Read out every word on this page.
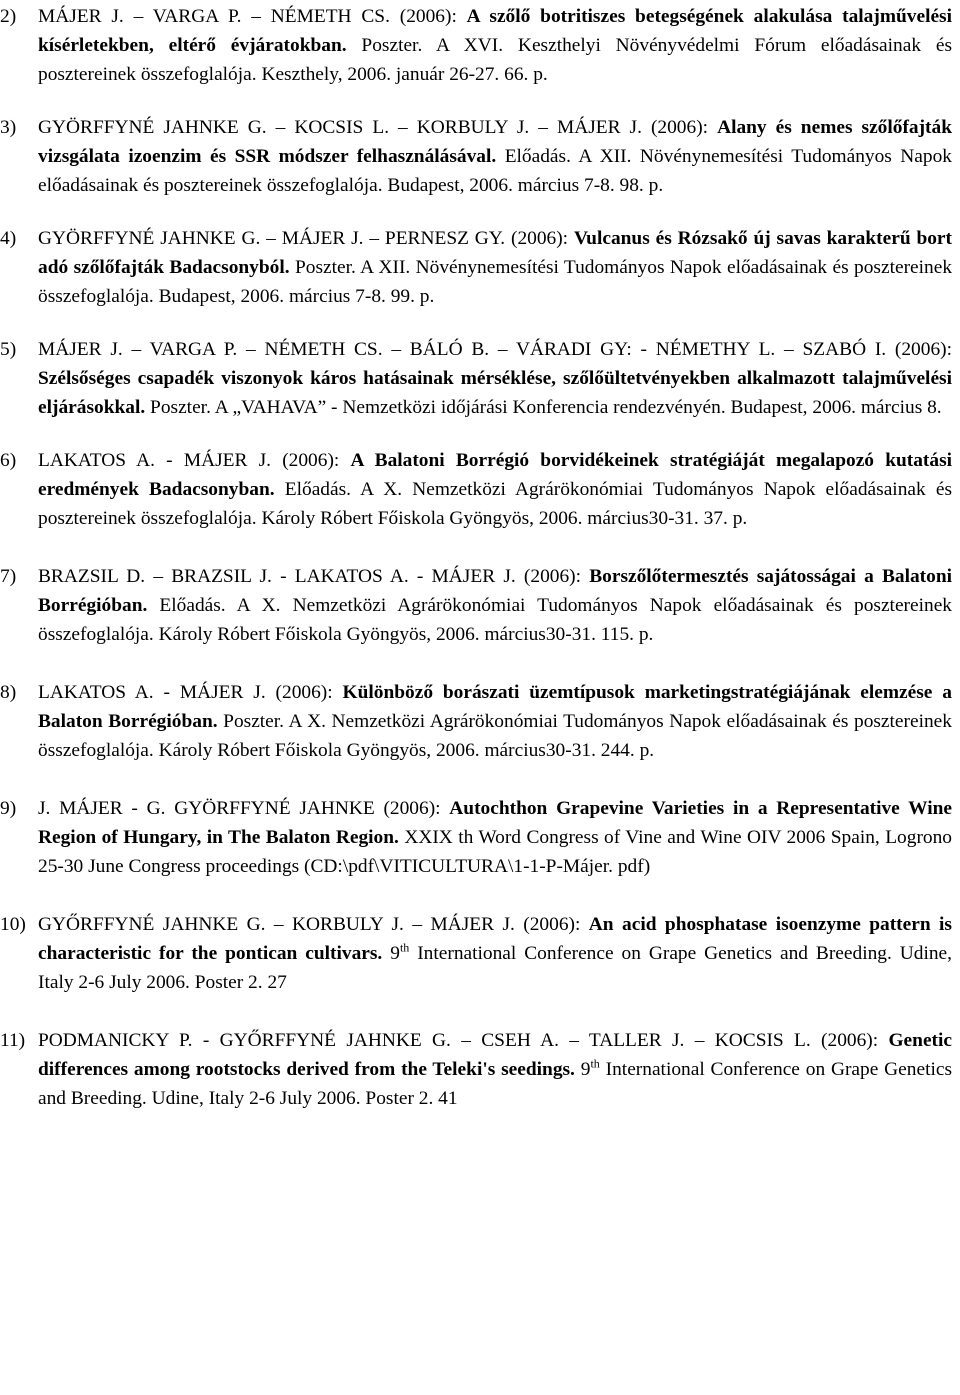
2) MÁJER J. – VARGA P. – NÉMETH CS. (2006): A szőlő botritiszes betegségének alakulása talajművelési kísérletekben, eltérő évjáratokban. Poszter. A XVI. Keszthelyi Növényvédelmi Fórum előadásainak és posztereinek összefoglalója. Keszthely, 2006. január 26-27. 66. p.
3) GYÖRFFYNÉ JAHNKE G. – KOCSIS L. – KORBULY J. – MÁJER J. (2006): Alany és nemes szőlőfajták vizsgálata izoenzim és SSR módszer felhasználásával. Előadás. A XII. Növénynemesítési Tudományos Napok előadásainak és posztereinek összefoglalója. Budapest, 2006. március 7-8. 98. p.
4) GYÖRFFYNÉ JAHNKE G. – MÁJER J. – PERNESZ GY. (2006): Vulcanus és Rózsakő új savas karakterű bort adó szőlőfajták Badacsonyból. Poszter. A XII. Növénynemesítési Tudományos Napok előadásainak és posztereinek összefoglalója. Budapest, 2006. március 7-8. 99. p.
5) MÁJER J. – VARGA P. – NÉMETH CS. – BÁLÓ B. – VÁRADI GY: - NÉMETHY L. – SZABÓ I. (2006): Szélsőséges csapadék viszonyok káros hatásainak mérséklése, szőlőültetvényekben alkalmazott talajművelési eljárásokkal. Poszter. A „VAHAVA” - Nemzetközi időjárási Konferencia rendezvényén. Budapest, 2006. március 8.
6) LAKATOS A. - MÁJER J. (2006): A Balatoni Borrégió borvidékeinek stratégiáját megalapozó kutatási eredmények Badacsonyban. Előadás. A X. Nemzetközi Agrárökonómiai Tudományos Napok előadásainak és posztereinek összefoglalója. Károly Róbert Főiskola Gyöngyös, 2006. március30-31. 37. p.
7) BRAZSIL D. – BRAZSIL J. - LAKATOS A. - MÁJER J. (2006): Borszőlőtermesztés sajátosságai a Balatoni Borrégióban. Előadás. A X. Nemzetközi Agrárökonómiai Tudományos Napok előadásainak és posztereinek összefoglalója. Károly Róbert Főiskola Gyöngyös, 2006. március30-31. 115. p.
8) LAKATOS A. - MÁJER J. (2006): Különböző borászati üzemtípusok marketingstratégiájának elemzése a Balaton Borrégióban. Poszter. A X. Nemzetközi Agrárökonómiai Tudományos Napok előadásainak és posztereinek összefoglalója. Károly Róbert Főiskola Gyöngyös, 2006. március30-31. 244. p.
9) J. MÁJER - G. GYÖRFFYNÉ JAHNKE (2006): Autochthon Grapevine Varieties in a Representative Wine Region of Hungary, in The Balaton Region. XXIX th Word Congress of Vine and Wine OIV 2006 Spain, Logrono 25-30 June Congress proceedings (CD:\pdf\VITICULTURA\1-1-P-Májer. pdf)
10) GYŐRFFYNÉ JAHNKE G. – KORBULY J. – MÁJER J. (2006): An acid phosphatase isoenzyme pattern is characteristic for the pontican cultivars. 9th International Conference on Grape Genetics and Breeding. Udine, Italy 2-6 July 2006. Poster 2. 27
11) PODMANICKY P. - GYŐRFFYNÉ JAHNKE G. – CSEH A. – TALLER J. – KOCSIS L. (2006): Genetic differences among rootstocks derived from the Teleki's seedings. 9th International Conference on Grape Genetics and Breeding. Udine, Italy 2-6 July 2006. Poster 2. 41
